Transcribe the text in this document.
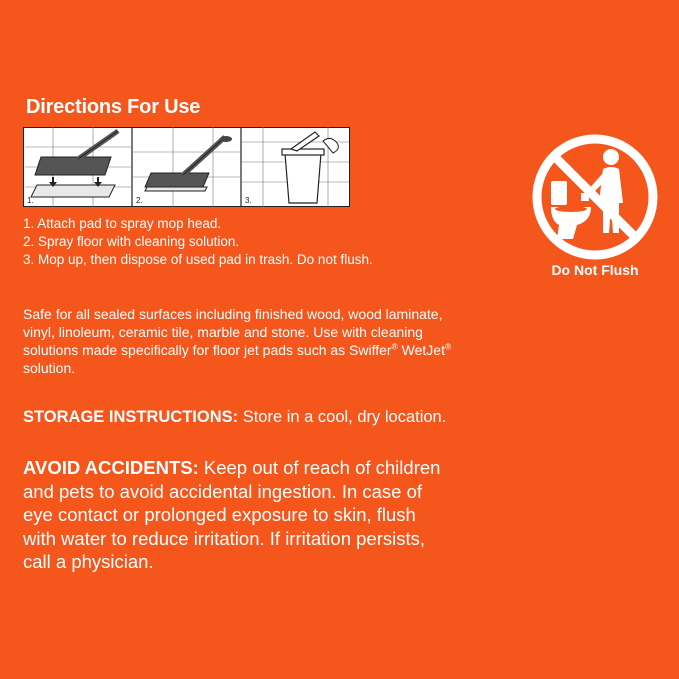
Directions For Use
1.	2.	3.
1. Attach pad to spray mop head.
2. Spray floor with cleaning solution.
3. Mop up, then dispose of used pad in trash. Do not flush.

Safe for all sealed surfaces including finished wood, wood laminate, vinyl, linoleum, ceramic tile, marble and stone. Use with cleaning solutions made specifically for floor jet pads such as Swiffer® WetJet® solution.

STORAGE INSTRUCTIONS: Store in a cool, dry location.

AVOID ACCIDENTS: Keep out of reach of children and pets to avoid accidental ingestion. In case of eye contact or prolonged exposure to skin, flush with water to reduce irritation. If irritation persists, call a physician.

Do Not Flush
